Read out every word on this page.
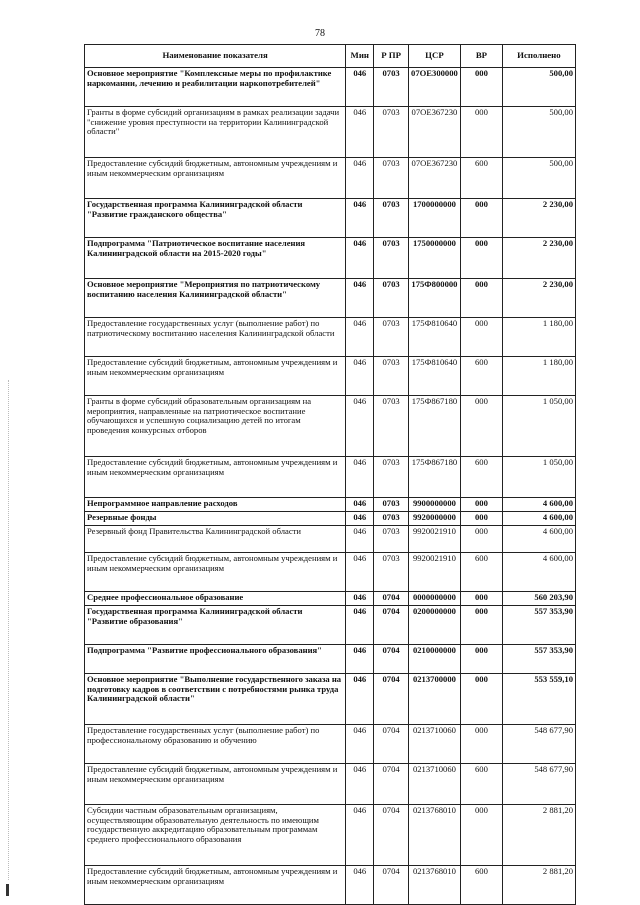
78
Наименование показателя	Мин	Р ПР	ЦСР	ВР	Исполнено
Основное мероприятие "Комплексные меры по профилактике наркомании, лечению и реабилитации наркопотребителей"	046	0703	07ОЕ300000	000	500,00
Гранты в форме субсидий организациям в рамках реализации задачи "снижение уровня преступности на территории Калининградской области"	046	0703	07ОЕ367230	000	500,00
Предоставление субсидий бюджетным, автономным учреждениям и иным некоммерческим организациям	046	0703	07ОЕ367230	600	500,00
Государственная программа Калининградской области "Развитие гражданского общества"	046	0703	1700000000	000	2 230,00
Подпрограмма "Патриотическое воспитание населения Калининградской области на 2015-2020 годы"	046	0703	1750000000	000	2 230,00
Основное мероприятие "Мероприятия по патриотическому воспитанию населения Калининградской области"	046	0703	175Ф800000	000	2 230,00
Предоставление государственных услуг (выполнение работ) по патриотическому воспитанию населения Калининградской области	046	0703	175Ф810640	000	1 180,00
Предоставление субсидий бюджетным, автономным учреждениям и иным некоммерческим организациям	046	0703	175Ф810640	600	1 180,00
Гранты в форме субсидий образовательным организациям на мероприятия, направленные на патриотическое воспитание обучающихся и успешную социализацию детей по итогам проведения конкурсных отборов	046	0703	175Ф867180	000	1 050,00
Предоставление субсидий бюджетным, автономным учреждениям и иным некоммерческим организациям	046	0703	175Ф867180	600	1 050,00
Непрограммное направление расходов	046	0703	9900000000	000	4 600,00
Резервные фонды	046	0703	9920000000	000	4 600,00
Резервный фонд Правительства Калининградской области	046	0703	9920021910	000	4 600,00
Предоставление субсидий бюджетным, автономным учреждениям и иным некоммерческим организациям	046	0703	9920021910	600	4 600,00
Среднее профессиональное образование	046	0704	0000000000	000	560 203,90
Государственная программа Калининградской области "Развитие образования"	046	0704	0200000000	000	557 353,90
Подпрограмма "Развитие профессионального образования"	046	0704	0210000000	000	557 353,90
Основное мероприятие "Выполнение государственного заказа на подготовку кадров в соответствии с потребностями рынка труда Калининградской области"	046	0704	0213700000	000	553 559,10
Предоставление государственных услуг (выполнение работ) по профессиональному образованию и обучению	046	0704	0213710060	000	548 677,90
Предоставление субсидий бюджетным, автономным учреждениям и иным некоммерческим организациям	046	0704	0213710060	600	548 677,90
Субсидии частным образовательным организациям, осуществляющим образовательную деятельность по имеющим государственную аккредитацию образовательным программам среднего профессионального образования	046	0704	0213768010	000	2 881,20
Предоставление субсидий бюджетным, автономным учреждениям и иным некоммерческим организациям	046	0704	0213768010	600	2 881,20
